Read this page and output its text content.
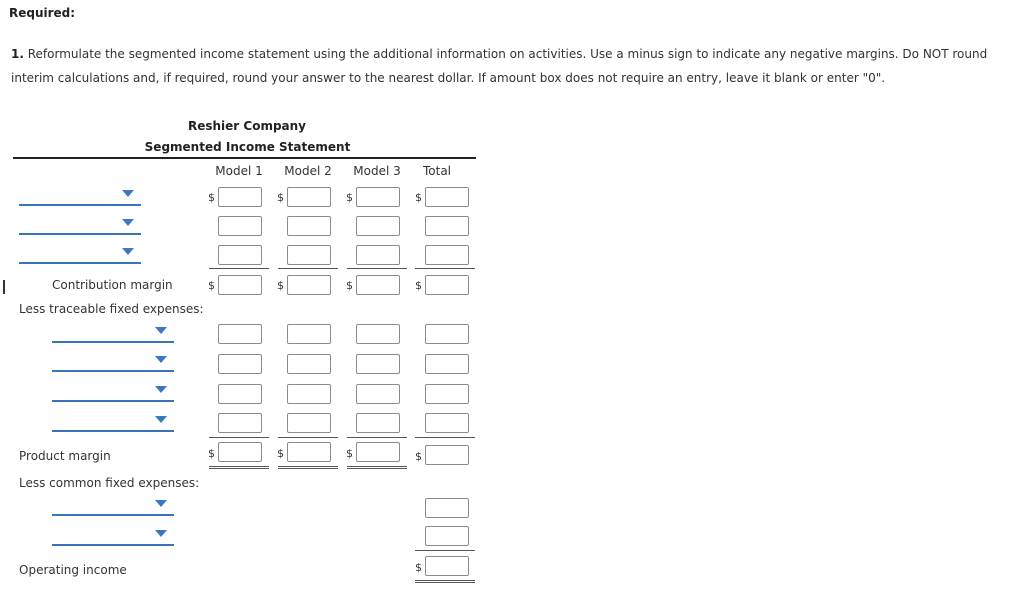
Required:
1. Reformulate the segmented income statement using the additional information on activities. Use a minus sign to indicate any negative margins. Do NOT round interim calculations and, if required, round your answer to the nearest dollar. If amount box does not require an entry, leave it blank or enter "0".
Reshier Company
Segmented Income Statement
Model 1 Model 2 Model 3	Total
$	$	$	$
Contribution margin	$	$	$	$
Less traceable fixed expenses:
Product margin	$	$	$	$
Less common fixed expenses:
Operating income	$
